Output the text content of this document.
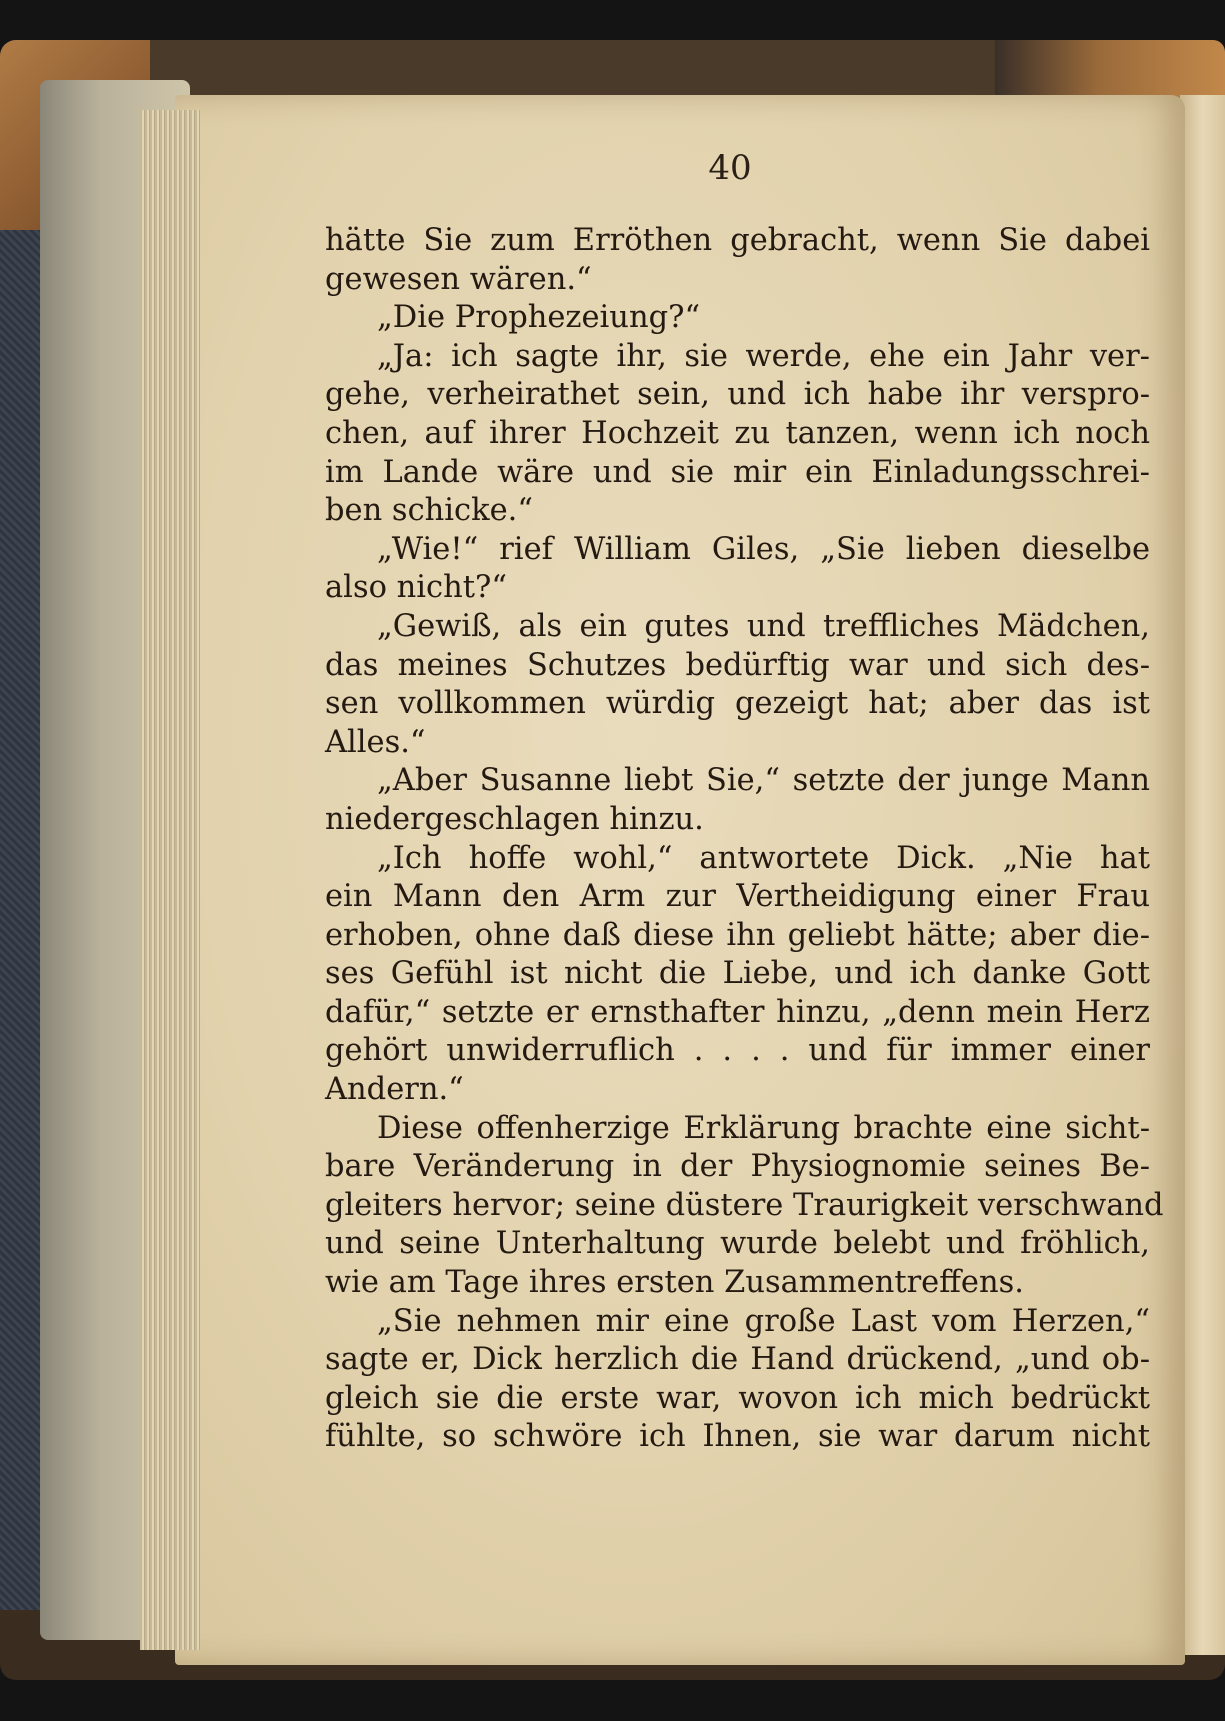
40
hätte Sie zum Erröthen gebracht, wenn Sie dabei
gewesen wären.“
„Die Prophezeiung?“
„Ja: ich sagte ihr, sie werde, ehe ein Jahr ver-
gehe, verheirathet sein, und ich habe ihr verspro-
chen, auf ihrer Hochzeit zu tanzen, wenn ich noch
im Lande wäre und sie mir ein Einladungsschrei-
ben schicke.“
„Wie!“ rief William Giles, „Sie lieben dieselbe
also nicht?“
„Gewiß, als ein gutes und treffliches Mädchen,
das meines Schutzes bedürftig war und sich des-
sen vollkommen würdig gezeigt hat; aber das ist
Alles.“
„Aber Susanne liebt Sie,“ setzte der junge Mann
niedergeschlagen hinzu.
„Ich hoffe wohl,“ antwortete Dick. „Nie hat
ein Mann den Arm zur Vertheidigung einer Frau
erhoben, ohne daß diese ihn geliebt hätte; aber die-
ses Gefühl ist nicht die Liebe, und ich danke Gott
dafür,“ setzte er ernsthafter hinzu, „denn mein Herz
gehört unwiderruflich . . . . und für immer einer
Andern.“
Diese offenherzige Erklärung brachte eine sicht-
bare Veränderung in der Physiognomie seines Be-
gleiters hervor; seine düstere Traurigkeit verschwand
und seine Unterhaltung wurde belebt und fröhlich,
wie am Tage ihres ersten Zusammentreffens.
„Sie nehmen mir eine große Last vom Herzen,“
sagte er, Dick herzlich die Hand drückend, „und ob-
gleich sie die erste war, wovon ich mich bedrückt
fühlte, so schwöre ich Ihnen, sie war darum nicht
